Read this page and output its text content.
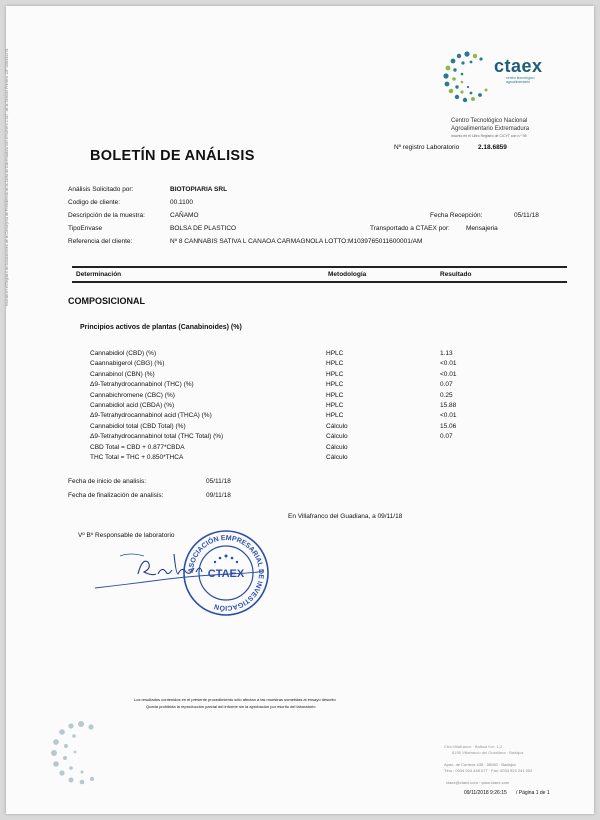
ctaex
centro tecnológico
agroalimentario
Centro Tecnológico Nacional
Agroalimentario Extremadura
Inscrito en el Libro Registro de CICYT con n.º 95
BOLETÍN DE ANÁLISIS
Nº registro Laboratorio	2.18.6859
Análisis Solicitado por:	BIOTOPIARIA SRL
Codigo de cliente:	00.1100
Descripción de la muestra:	CAÑAMO	Fecha Recepción:	05/11/18
TipoEnvase	BOLSA DE PLASTICO	Transportado a CTAEX por: Mensajeria
Referencia del cliente:	Nº 8 CANNABIS SATIVA L CANAOA CARMAGNOLA LOTTO:M1039765011600001/AM
Determinación	Metodología	Resultado
COMPOSICIONAL
Principios activos de plantas (Canabinoides) (%)
Fecha de inicio de analisis:	05/11/18
Fecha de finalización de analisis:	09/11/18
En Villafranco del Guadiana, a 09/11/18
Vº Bº Responsable de laboratorio
ASOCIACIÓN EMPRESARIAL DE INVESTIGACIÓN
CTAEX
Los resultados contenidos en el presente procedimiento sólo afectan a las muestras sometidas al ensayo descrito
Queda prohibida la reproducción parcial del informe sin la aprobación por escrito del laboratorio
Ctra.Villafranco · Balboa Km. 1,2
6195 Villafranco del Guadiana · Badajoz
Apdo. de Correos 435 · 06080 · Badajoz
Tfno.: 0034 924 448 077 · Fax: 0034 924 241 002
ctaex@ctaex.com · www.ctaex.com
09/11/2018 9:26:15 / Página 1 de 1
Inscrita en el Registro de Asociaciones de la Consejería de Presidencia de la Junta de Extremadura con el número 2.927, de la Sección Primera. CIF G06334478.
Cannabidiol (CBD) (%)	HPLC	1.13
Caannabigerol (CBG) (%)	HPLC	<0.01
Cannabinol (CBN) (%)	HPLC	<0.01
Δ9-Tetrahydrocannabinol (THC) (%)	HPLC	0.07
Cannabichromene (CBC) (%)	HPLC	0.25
Cannabidiol acid (CBDA) (%)	HPLC	15.88
Δ9-Tetrahydrocannabinol acid (THCA) (%)	HPLC	<0.01
Cannabidiol total (CBD Total) (%)	Cálculo	15.06
Δ9-Tetrahydrocannabinol total (THC Total) (%)	Cálculo	0.07
CBD Total = CBD + 0.877*CBDA	Cálculo
THC Total = THC + 0.850*THCA	Cálculo
